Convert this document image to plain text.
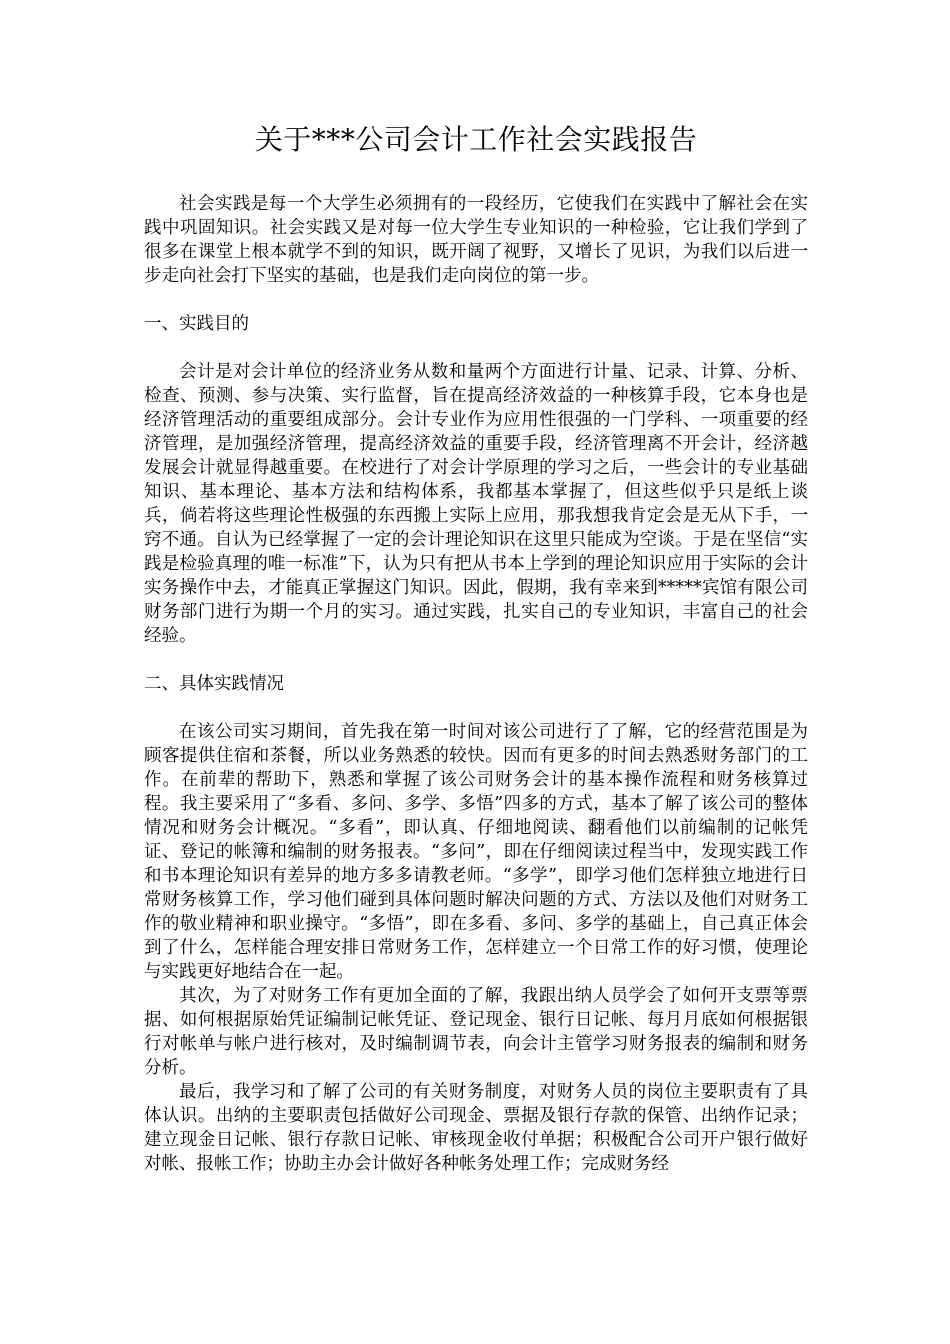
关于***公司会计工作社会实践报告

社会实践是每一个大学生必须拥有的一段经历，它使我们在实践中了解社会在实践中巩固知识。社会实践又是对每一位大学生专业知识的一种检验，它让我们学到了很多在课堂上根本就学不到的知识，既开阔了视野，又增长了见识，为我们以后进一步走向社会打下坚实的基础，也是我们走向岗位的第一步。

一、实践目的

会计是对会计单位的经济业务从数和量两个方面进行计量、记录、计算、分析、检查、预测、参与决策、实行监督，旨在提高经济效益的一种核算手段，它本身也是经济管理活动的重要组成部分。会计专业作为应用性很强的一门学科、一项重要的经济管理，是加强经济管理，提高经济效益的重要手段，经济管理离不开会计，经济越发展会计就显得越重要。在校进行了对会计学原理的学习之后，一些会计的专业基础知识、基本理论、基本方法和结构体系，我都基本掌握了，但这些似乎只是纸上谈兵，倘若将这些理论性极强的东西搬上实际上应用，那我想我肯定会是无从下手，一窍不通。自认为已经掌握了一定的会计理论知识在这里只能成为空谈。于是在坚信“实践是检验真理的唯一标准”下，认为只有把从书本上学到的理论知识应用于实际的会计实务操作中去，才能真正掌握这门知识。因此，假期，我有幸来到*****宾馆有限公司财务部门进行为期一个月的实习。通过实践，扎实自己的专业知识，丰富自己的社会经验。

二、具体实践情况

在该公司实习期间，首先我在第一时间对该公司进行了了解，它的经营范围是为顾客提供住宿和茶餐，所以业务熟悉的较快。因而有更多的时间去熟悉财务部门的工作。在前辈的帮助下，熟悉和掌握了该公司财务会计的基本操作流程和财务核算过程。我主要采用了“多看、多问、多学、多悟”四多的方式，基本了解了该公司的整体情况和财务会计概况。“多看”，即认真、仔细地阅读、翻看他们以前编制的记帐凭证、登记的帐簿和编制的财务报表。“多问”，即在仔细阅读过程当中，发现实践工作和书本理论知识有差异的地方多多请教老师。“多学”，即学习他们怎样独立地进行日常财务核算工作，学习他们碰到具体问题时解决问题的方式、方法以及他们对财务工作的敬业精神和职业操守。“多悟”，即在多看、多问、多学的基础上，自己真正体会到了什么，怎样能合理安排日常财务工作，怎样建立一个日常工作的好习惯，使理论与实践更好地结合在一起。

其次，为了对财务工作有更加全面的了解，我跟出纳人员学会了如何开支票等票据、如何根据原始凭证编制记帐凭证、登记现金、银行日记帐、每月月底如何根据银行对帐单与帐户进行核对，及时编制调节表，向会计主管学习财务报表的编制和财务分析。

最后，我学习和了解了公司的有关财务制度，对财务人员的岗位主要职责有了具体认识。出纳的主要职责包括做好公司现金、票据及银行存款的保管、出纳作记录；建立现金日记帐、银行存款日记帐、审核现金收付单据；积极配合公司开户银行做好对帐、报帐工作；协助主办会计做好各种帐务处理工作；完成财务经
